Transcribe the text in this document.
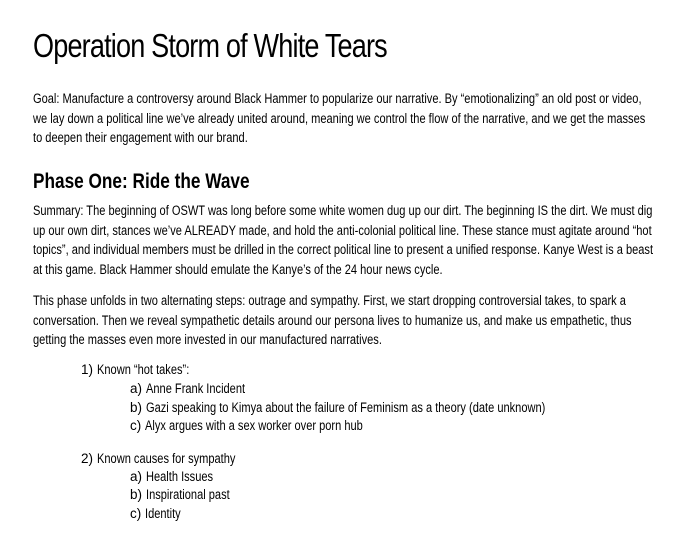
Operation Storm of White Tears

Goal: Manufacture a controversy around Black Hammer to popularize our narrative. By “emotionalizing” an old post or video, we lay down a political line we’ve already united around, meaning we control the flow of the narrative, and we get the masses to deepen their engagement with our brand.

Phase One: Ride the Wave

Summary: The beginning of OSWT was long before some white women dug up our dirt. The beginning IS the dirt. We must dig up our own dirt, stances we’ve ALREADY made, and hold the anti-colonial political line. These stance must agitate around “hot topics”, and individual members must be drilled in the correct political line to present a unified response. Kanye West is a beast at this game. Black Hammer should emulate the Kanye’s of the 24 hour news cycle.

This phase unfolds in two alternating steps: outrage and sympathy. First, we start dropping controversial takes, to spark a conversation. Then we reveal sympathetic details around our persona lives to humanize us, and make us empathetic, thus getting the masses even more invested in our manufactured narratives.

1) Known “hot takes”:
a) Anne Frank Incident
b) Gazi speaking to Kimya about the failure of Feminism as a theory (date unknown)
c) Alyx argues with a sex worker over porn hub
2) Known causes for sympathy
a) Health Issues
b) Inspirational past
c) Identity
